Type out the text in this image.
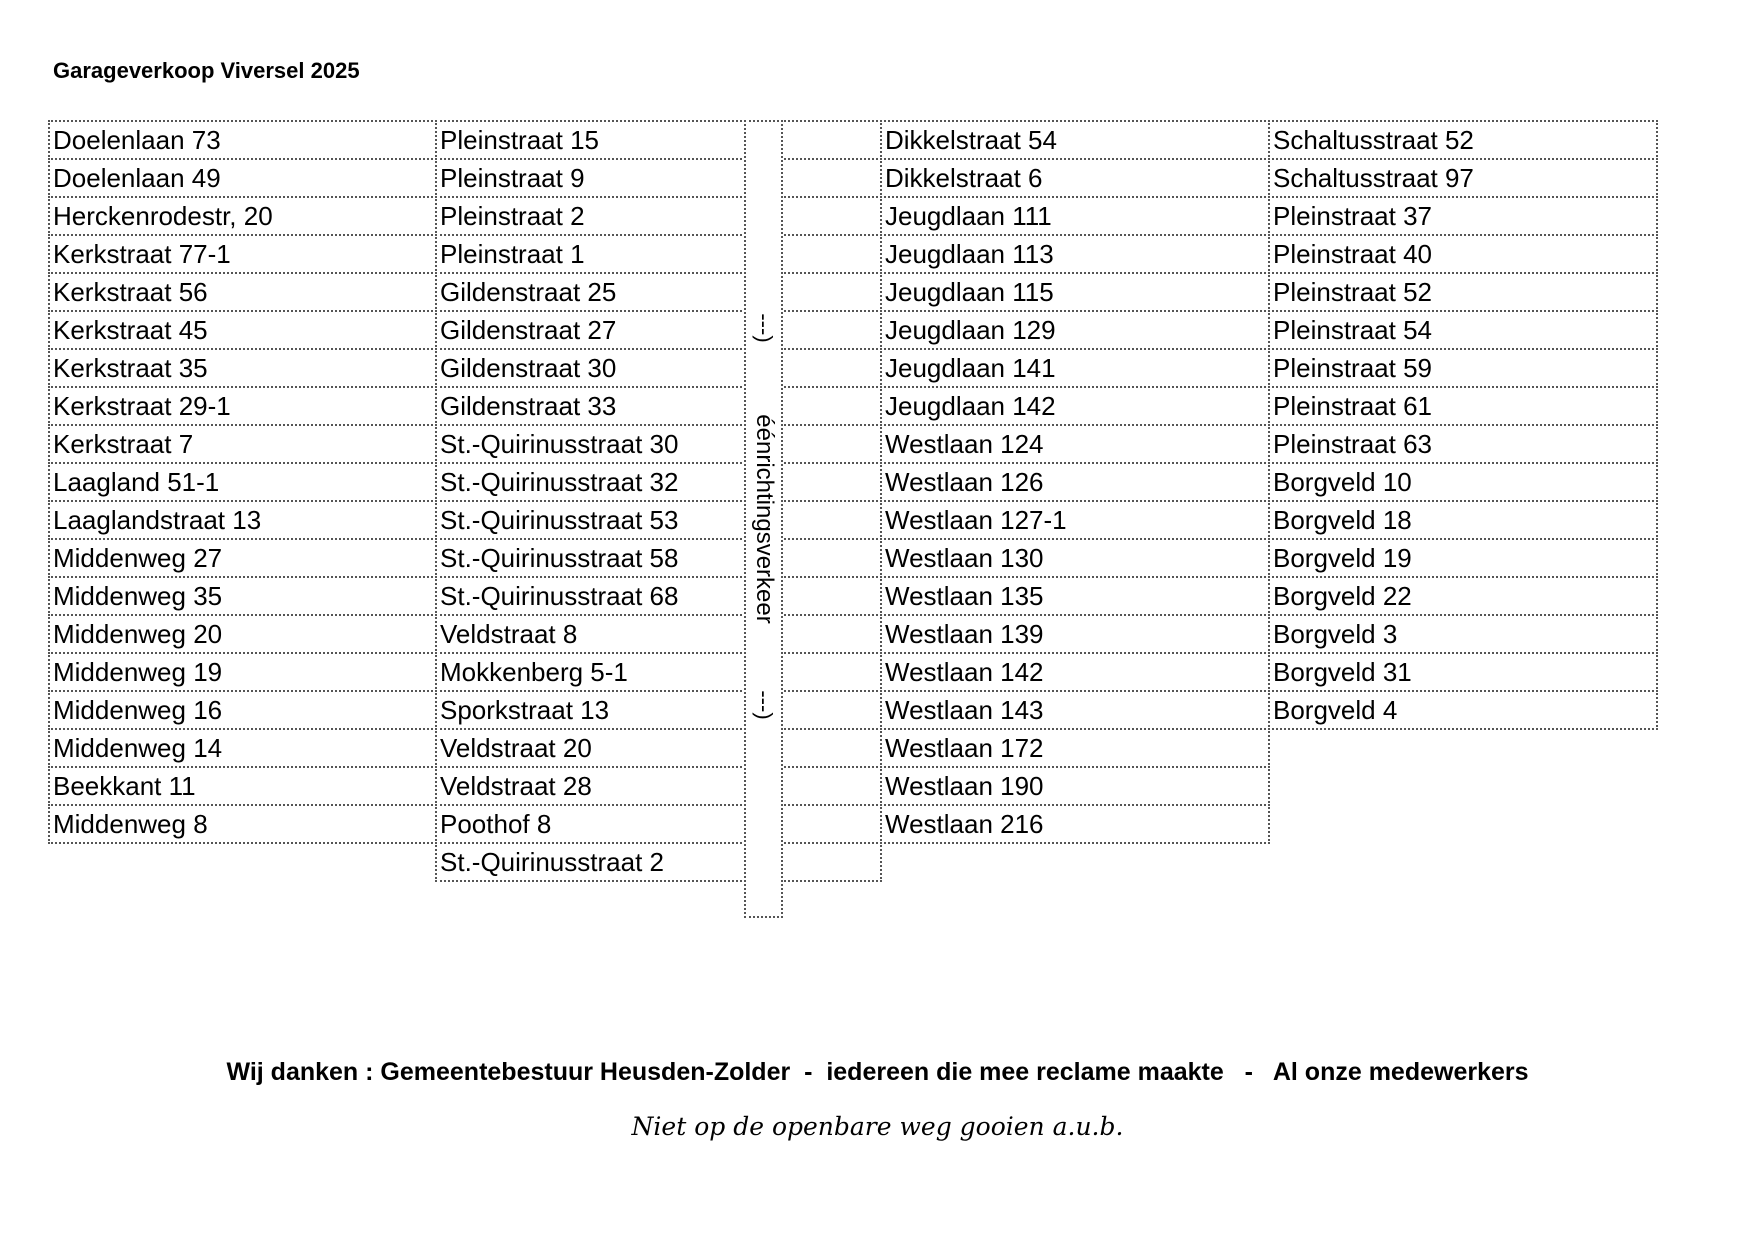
Garageverkoop Viversel 2025
Doelenlaan 73
Doelenlaan 49
Herckenrodestr, 20
Kerkstraat 77-1
Kerkstraat 56
Kerkstraat 45
Kerkstraat 35
Kerkstraat 29-1
Kerkstraat 7
Laagland 51-1
Laaglandstraat 13
Middenweg 27
Middenweg 35
Middenweg 20
Middenweg 19
Middenweg 16
Middenweg 14
Beekkant 11
Middenweg 8
Pleinstraat 15
Pleinstraat 9
Pleinstraat 2
Pleinstraat 1
Gildenstraat 25
Gildenstraat 27
Gildenstraat 30
Gildenstraat 33
St.-Quirinusstraat 30
St.-Quirinusstraat 32
St.-Quirinusstraat 53
St.-Quirinusstraat 58
St.-Quirinusstraat 68
Veldstraat 8
Mokkenberg 5-1
Sporkstraat 13
Veldstraat 20
Veldstraat 28
Poothof 8
St.-Quirinusstraat 2
Dikkelstraat 54
Dikkelstraat 6
Jeugdlaan 111
Jeugdlaan 113
Jeugdlaan 115
Jeugdlaan 129
Jeugdlaan 141
Jeugdlaan 142
Westlaan 124
Westlaan 126
Westlaan 127-1
Westlaan 130
Westlaan 135
Westlaan 139
Westlaan 142
Westlaan 143
Westlaan 172
Westlaan 190
Westlaan 216
Schaltusstraat 52
Schaltusstraat 97
Pleinstraat 37
Pleinstraat 40
Pleinstraat 52
Pleinstraat 54
Pleinstraat 59
Pleinstraat 61
Pleinstraat 63
Borgveld 10
Borgveld 18
Borgveld 19
Borgveld 22
Borgveld 3
Borgveld 31
Borgveld 4
---)
éénrichtingsverkeer
---)
Wij danken : Gemeentebestuur Heusden-Zolder  -  iedereen die mee reclame maakte   -   Al onze medewerkers
Niet op de openbare weg gooien a.u.b.
